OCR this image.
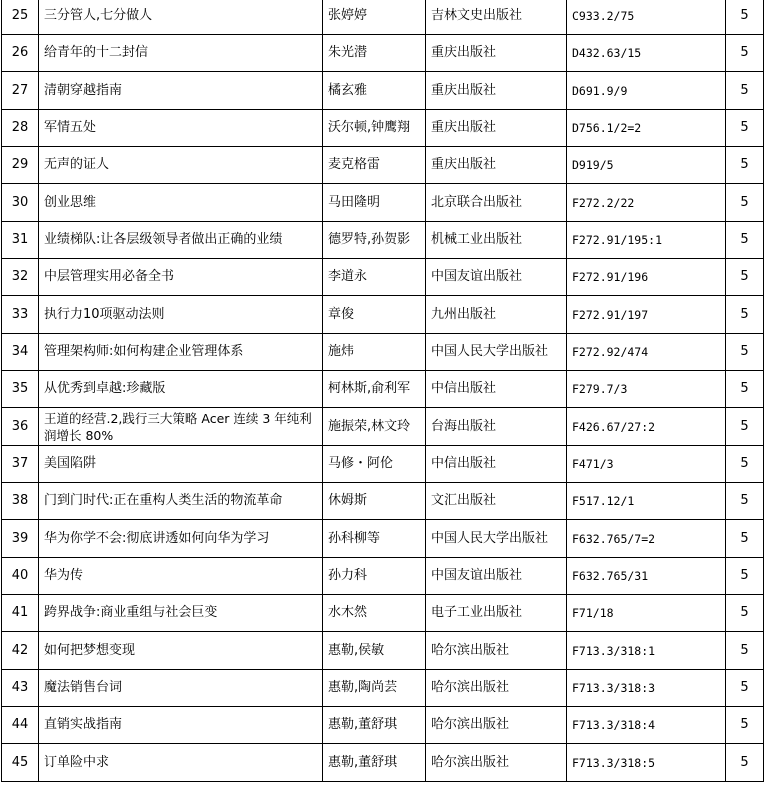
25	三分管人,七分做人	张婷婷	吉林文史出版社	C933.2/75	5
26	给青年的十二封信	朱光潜	重庆出版社	D432.63/15	5
27	清朝穿越指南	橘玄雅	重庆出版社	D691.9/9	5
28	军情五处	沃尔顿,钟鹰翔	重庆出版社	D756.1/2=2	5
29	无声的证人	麦克格雷	重庆出版社	D919/5	5
30	创业思维	马田隆明	北京联合出版社	F272.2/22	5
31	业绩梯队:让各层级领导者做出正确的业绩	德罗特,孙贺影	机械工业出版社	F272.91/195:1	5
32	中层管理实用必备全书	李道永	中国友谊出版社	F272.91/196	5
33	执行力10项驱动法则	章俊	九州出版社	F272.91/197	5
34	管理架构师:如何构建企业管理体系	施炜	中国人民大学出版社	F272.92/474	5
35	从优秀到卓越:珍藏版	柯林斯,俞利军	中信出版社	F279.7/3	5
36	王道的经营.2,践行三大策略 Acer 连续 3 年纯利润增长 80%	施振荣,林文玲	台海出版社	F426.67/27:2	5
37	美国陷阱	马修・阿伦	中信出版社	F471/3	5
38	门到门时代:正在重构人类生活的物流革命	休姆斯	文汇出版社	F517.12/1	5
39	华为你学不会:彻底讲透如何向华为学习	孙科柳等	中国人民大学出版社	F632.765/7=2	5
40	华为传	孙力科	中国友谊出版社	F632.765/31	5
41	跨界战争:商业重组与社会巨变	水木然	电子工业出版社	F71/18	5
42	如何把梦想变现	惠勒,侯敏	哈尔滨出版社	F713.3/318:1	5
43	魔法销售台词	惠勒,陶尚芸	哈尔滨出版社	F713.3/318:3	5
44	直销实战指南	惠勒,董舒琪	哈尔滨出版社	F713.3/318:4	5
45	订单险中求	惠勒,董舒琪	哈尔滨出版社	F713.3/318:5	5
